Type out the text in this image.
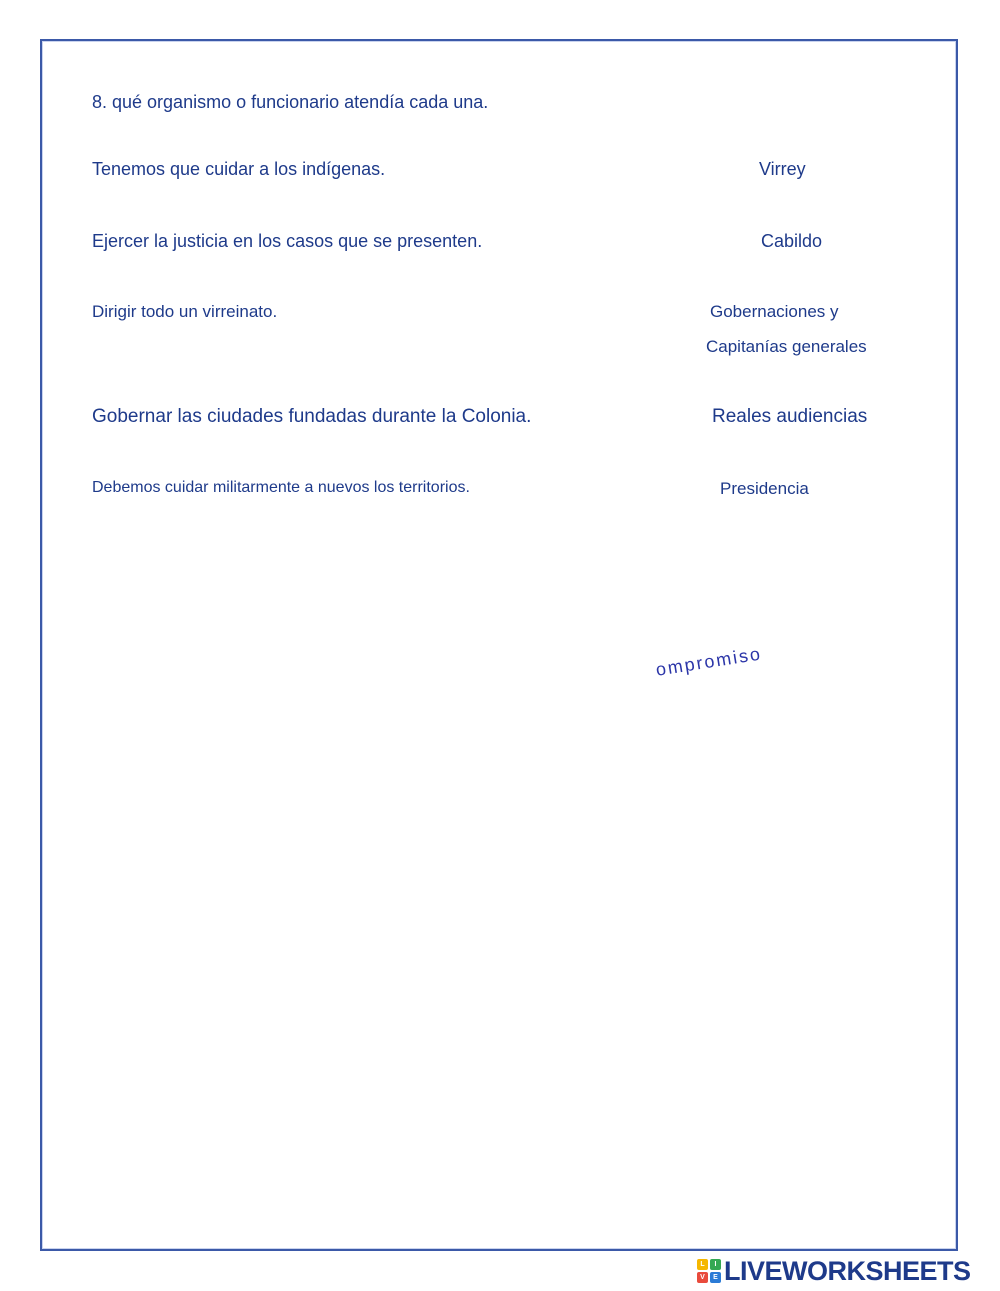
8. qué organismo o funcionario atendía cada una.
Tenemos que cuidar a los indígenas.
Ejercer la justicia en los casos que se presenten.
Dirigir todo un virreinato.
Gobernar las ciudades fundadas durante la Colonia.
Debemos cuidar militarmente a nuevos los territorios.
Virrey
Cabildo
Gobernaciones y
Capitanías generales
Reales audiencias
Presidencia
ompromiso
L	I
V	E LIVEWORKSHEETS
